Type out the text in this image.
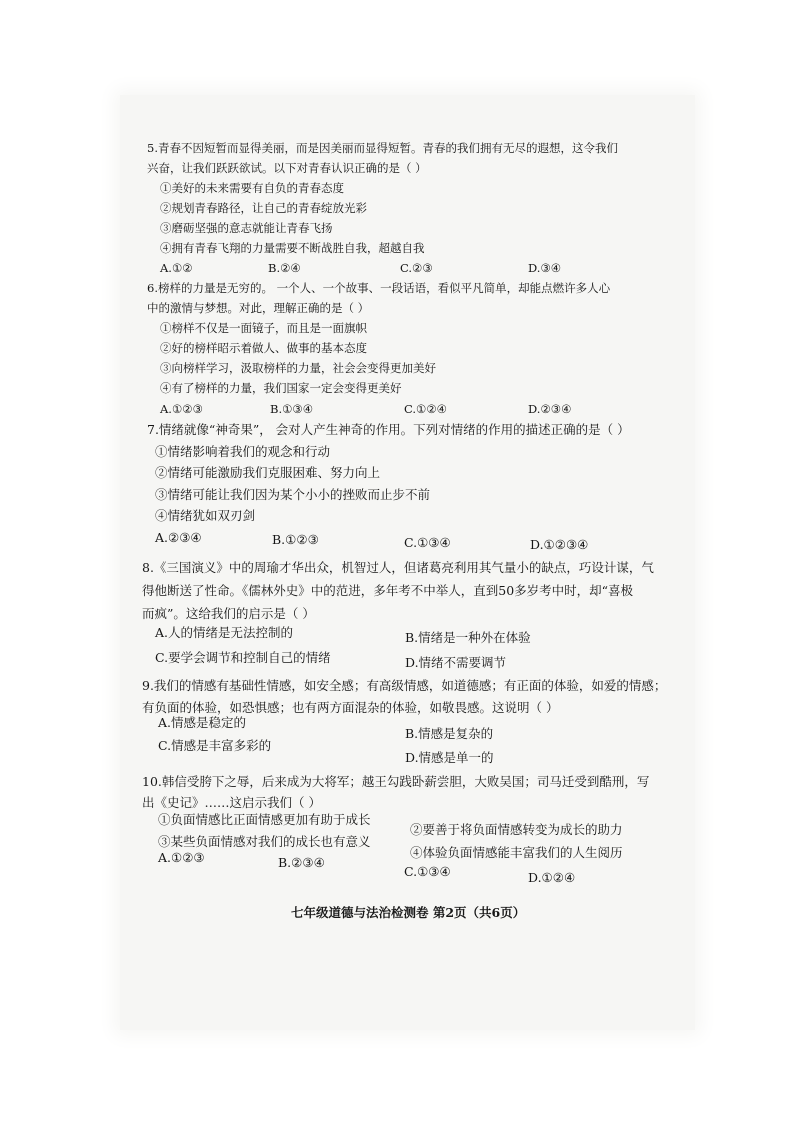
5.青春不因短暂而显得美丽，而是因美丽而显得短暂。青春的我们拥有无尽的遐想，这令我们
兴奋，让我们跃跃欲试。以下对青春认识正确的是（ ）
①美好的未来需要有自负的青春态度
②规划青春路径，让自己的青春绽放光彩
③磨砺坚强的意志就能让青春飞扬
④拥有青春飞翔的力量需要不断战胜自我，超越自我
A.①②	B.②④	C.②③	D.③④
6.榜样的力量是无穷的。 一个人、一个故事、一段话语，看似平凡简单，却能点燃许多人心
中的激情与梦想。对此，理解正确的是（ ）
①榜样不仅是一面镜子，而且是一面旗帜
②好的榜样昭示着做人、做事的基本态度
③向榜样学习，汲取榜样的力量，社会会变得更加美好
④有了榜样的力量，我们国家一定会变得更美好
A.①②③	B.①③④	C.①②④	D.②③④
7.情绪就像“神奇果”， 会对人产生神奇的作用。下列对情绪的作用的描述正确的是（ ）
①情绪影响着我们的观念和行动
②情绪可能激励我们克服困难、努力向上
③情绪可能让我们因为某个小小的挫败而止步不前
④情绪犹如双刃剑
A.②③④	B.①②③	C.①③④	D.①②③④
8.《三国演义》中的周瑜才华出众，机智过人，但诸葛亮利用其气量小的缺点，巧设计谋，气
得他断送了性命。《儒林外史》中的范进，多年考不中举人，直到50多岁考中时，却“喜极
而疯”。这给我们的启示是（ ）
A.人的情绪是无法控制的	B.情绪是一种外在体验
C.要学会调节和控制自己的情绪	D.情绪不需要调节
9.我们的情感有基础性情感，如安全感；有高级情感，如道德感；有正面的体验，如爱的情感；
有负面的体验，如恐惧感；也有两方面混杂的体验，如敬畏感。这说明（ ）
A.情感是稳定的
B.情感是复杂的
C.情感是丰富多彩的
D.情感是单一的
10.韩信受胯下之辱，后来成为大将军；越王勾践卧薪尝胆，大败吴国；司马迁受到酷刑，写
出《史记》……这启示我们（ ）
①负面情感比正面情感更加有助于成长
②要善于将负面情感转变为成长的助力
③某些负面情感对我们的成长也有意义
④体验负面情感能丰富我们的人生阅历
A.①②③	B.②③④
C.①③④	D.①②④
七年级道德与法治检测卷 第2页（共6页）
